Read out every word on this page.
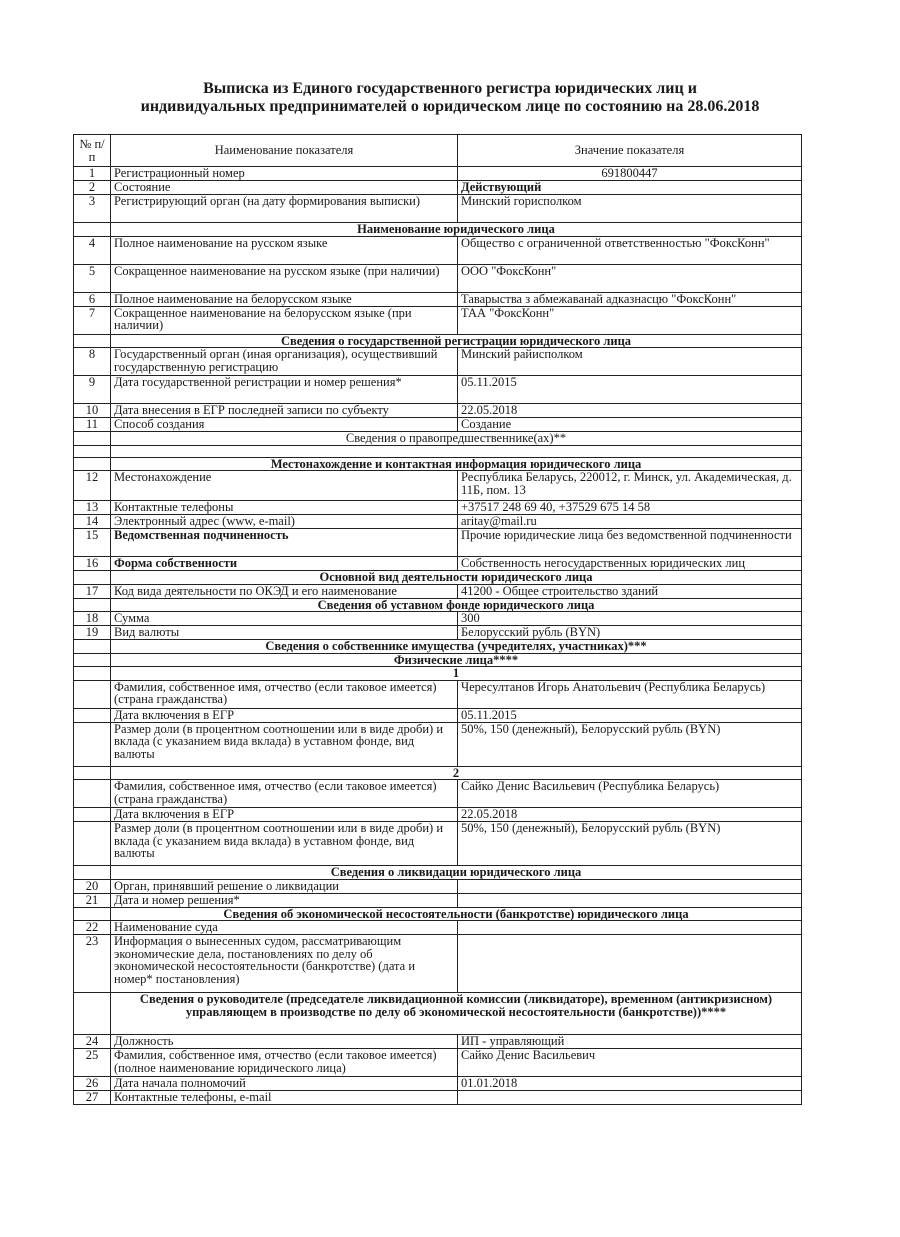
Выписка из Единого государственного регистра юридических лиц и
индивидуальных предпринимателей о юридическом лице по состоянию на 28.06.2018
№ п/п	Наименование показателя	Значение показателя
1	Регистрационный номер	691800447
2	Состояние	Действующий
3	Регистрирующий орган (на дату формирования выписки)	Минский горисполком
	Наименование юридического лица	
4	Полное наименование на русском языке	Общество с ограниченной ответственностью "ФоксКонн"
5	Сокращенное наименование на русском языке (при наличии)	ООО "ФоксКонн"
6	Полное наименование на белорусском языке	Таварыства з абмежаванай адказнасцю "ФоксКонн"
7	Сокращенное наименование на белорусском языке (при наличии)	ТАА "ФоксКонн"
	Сведения о государственной регистрации юридического лица	
8	Государственный орган (иная организация), осуществивший государственную регистрацию	Минский райисполком
9	Дата государственной регистрации и номер решения*	05.11.2015
10	Дата внесения в ЕГР последней записи по субъекту	22.05.2018
11	Способ создания	Создание
	Сведения о правопредшественнике(ах)**	

	Местонахождение и контактная информация юридического лица	
12	Местонахождение	Республика Беларусь, 220012, г. Минск, ул. Академическая, д. 11Б, пом. 13
13	Контактные телефоны	+37517 248 69 40, +37529 675 14 58
14	Электронный адрес (www, e-mail)	aritay@mail.ru
15	Ведомственная подчиненность	Прочие юридические лица без ведомственной подчиненности
16	Форма собственности	Собственность негосударственных юридических лиц
	Основной вид деятельности юридического лица	
17	Код вида деятельности по ОКЭД и его наименование	41200 - Общее строительство зданий
	Сведения об уставном фонде юридического лица	
18	Сумма	300
19	Вид валюты	Белорусский рубль (BYN)
	Сведения о собственнике имущества (учредителях, участниках)***	
	Физические лица****	
	1	
	Фамилия, собственное имя, отчество (если таковое имеется) (страна гражданства)	Чересултанов Игорь Анатольевич (Республика Беларусь)
	Дата включения в ЕГР	05.11.2015
	Размер доли (в процентном соотношении или в виде дроби) и вклада (с указанием вида вклада) в уставном фонде, вид валюты	50%, 150 (денежный), Белорусский рубль (BYN)
	2	
	Фамилия, собственное имя, отчество (если таковое имеется) (страна гражданства)	Сайко Денис Васильевич (Республика Беларусь)
	Дата включения в ЕГР	22.05.2018
	Размер доли (в процентном соотношении или в виде дроби) и вклада (с указанием вида вклада) в уставном фонде, вид валюты	50%, 150 (денежный), Белорусский рубль (BYN)
	Сведения о ликвидации юридического лица	
20	Орган, принявший решение о ликвидации	
21	Дата и номер решения*	
	Сведения об экономической несостоятельности (банкротстве) юридического лица	
22	Наименование суда	
23	Информация о вынесенных судом, рассматривающим экономические дела, постановлениях по делу об экономической несостоятельности (банкротстве) (дата и номер* постановления)	
	Сведения о руководителе (председателе ликвидационной комиссии (ликвидаторе), временном (антикризисном) управляющем в производстве по делу об экономической несостоятельности (банкротстве))****	
24	Должность	ИП - управляющий
25	Фамилия, собственное имя, отчество (если таковое имеется) (полное наименование юридического лица)	Сайко Денис Васильевич
26	Дата начала полномочий	01.01.2018
27	Контактные телефоны, e-mail	
